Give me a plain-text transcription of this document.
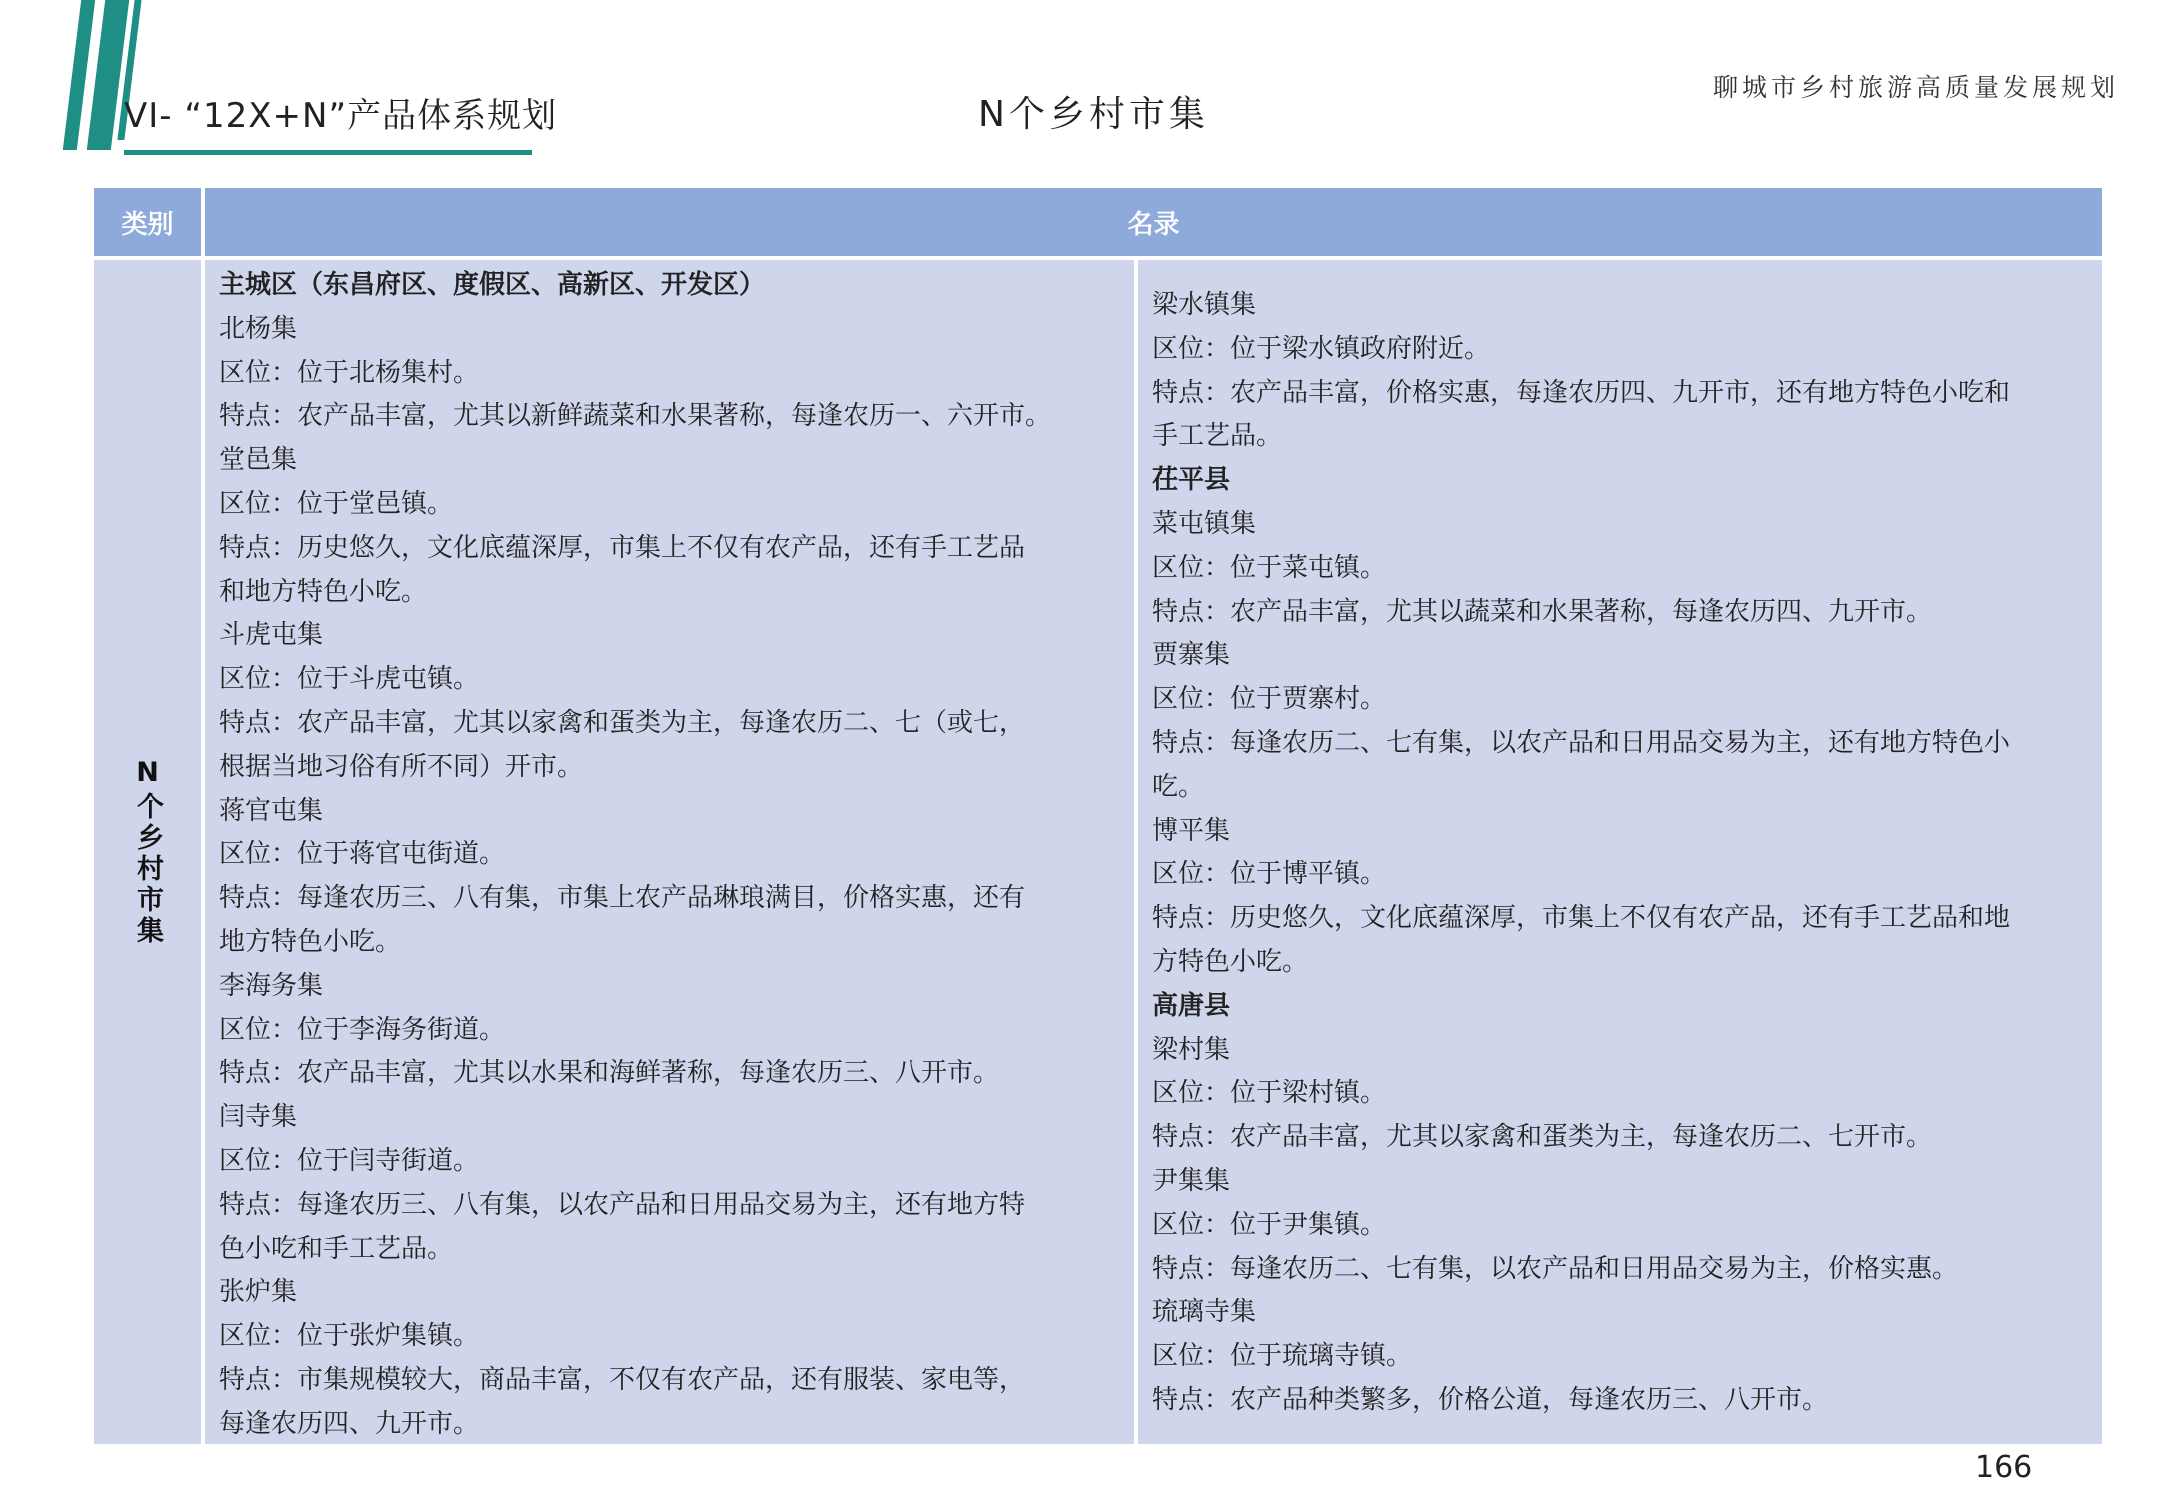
VI- “12X+N”产品体系规划	N个乡村市集
聊城市乡村旅游高质量发展规划
类别	名录
N个乡村市集
主城区（东昌府区、度假区、高新区、开发区）
北杨集
区位：位于北杨集村。
特点：农产品丰富，尤其以新鲜蔬菜和水果著称，每逢农历一、六开市。
堂邑集
区位：位于堂邑镇。
特点：历史悠久，文化底蕴深厚，市集上不仅有农产品，还有手工艺品
和地方特色小吃。
斗虎屯集
区位：位于斗虎屯镇。
特点：农产品丰富，尤其以家禽和蛋类为主，每逢农历二、七（或七，
根据当地习俗有所不同）开市。
蒋官屯集
区位：位于蒋官屯街道。
特点：每逢农历三、八有集，市集上农产品琳琅满目，价格实惠，还有
地方特色小吃。
李海务集
区位：位于李海务街道。
特点：农产品丰富，尤其以水果和海鲜著称，每逢农历三、八开市。
闫寺集
区位：位于闫寺街道。
特点：每逢农历三、八有集，以农产品和日用品交易为主，还有地方特
色小吃和手工艺品。
张炉集
区位：位于张炉集镇。
特点：市集规模较大，商品丰富，不仅有农产品，还有服装、家电等，
每逢农历四、九开市。
梁水镇集
区位：位于梁水镇政府附近。
特点：农产品丰富，价格实惠，每逢农历四、九开市，还有地方特色小吃和
手工艺品。
茌平县
菜屯镇集
区位：位于菜屯镇。
特点：农产品丰富，尤其以蔬菜和水果著称，每逢农历四、九开市。
贾寨集
区位：位于贾寨村。
特点：每逢农历二、七有集，以农产品和日用品交易为主，还有地方特色小
吃。
博平集
区位：位于博平镇。
特点：历史悠久，文化底蕴深厚，市集上不仅有农产品，还有手工艺品和地
方特色小吃。
高唐县
梁村集
区位：位于梁村镇。
特点：农产品丰富，尤其以家禽和蛋类为主，每逢农历二、七开市。
尹集集
区位：位于尹集镇。
特点：每逢农历二、七有集，以农产品和日用品交易为主，价格实惠。
琉璃寺集
区位：位于琉璃寺镇。
特点：农产品种类繁多，价格公道，每逢农历三、八开市。
166
